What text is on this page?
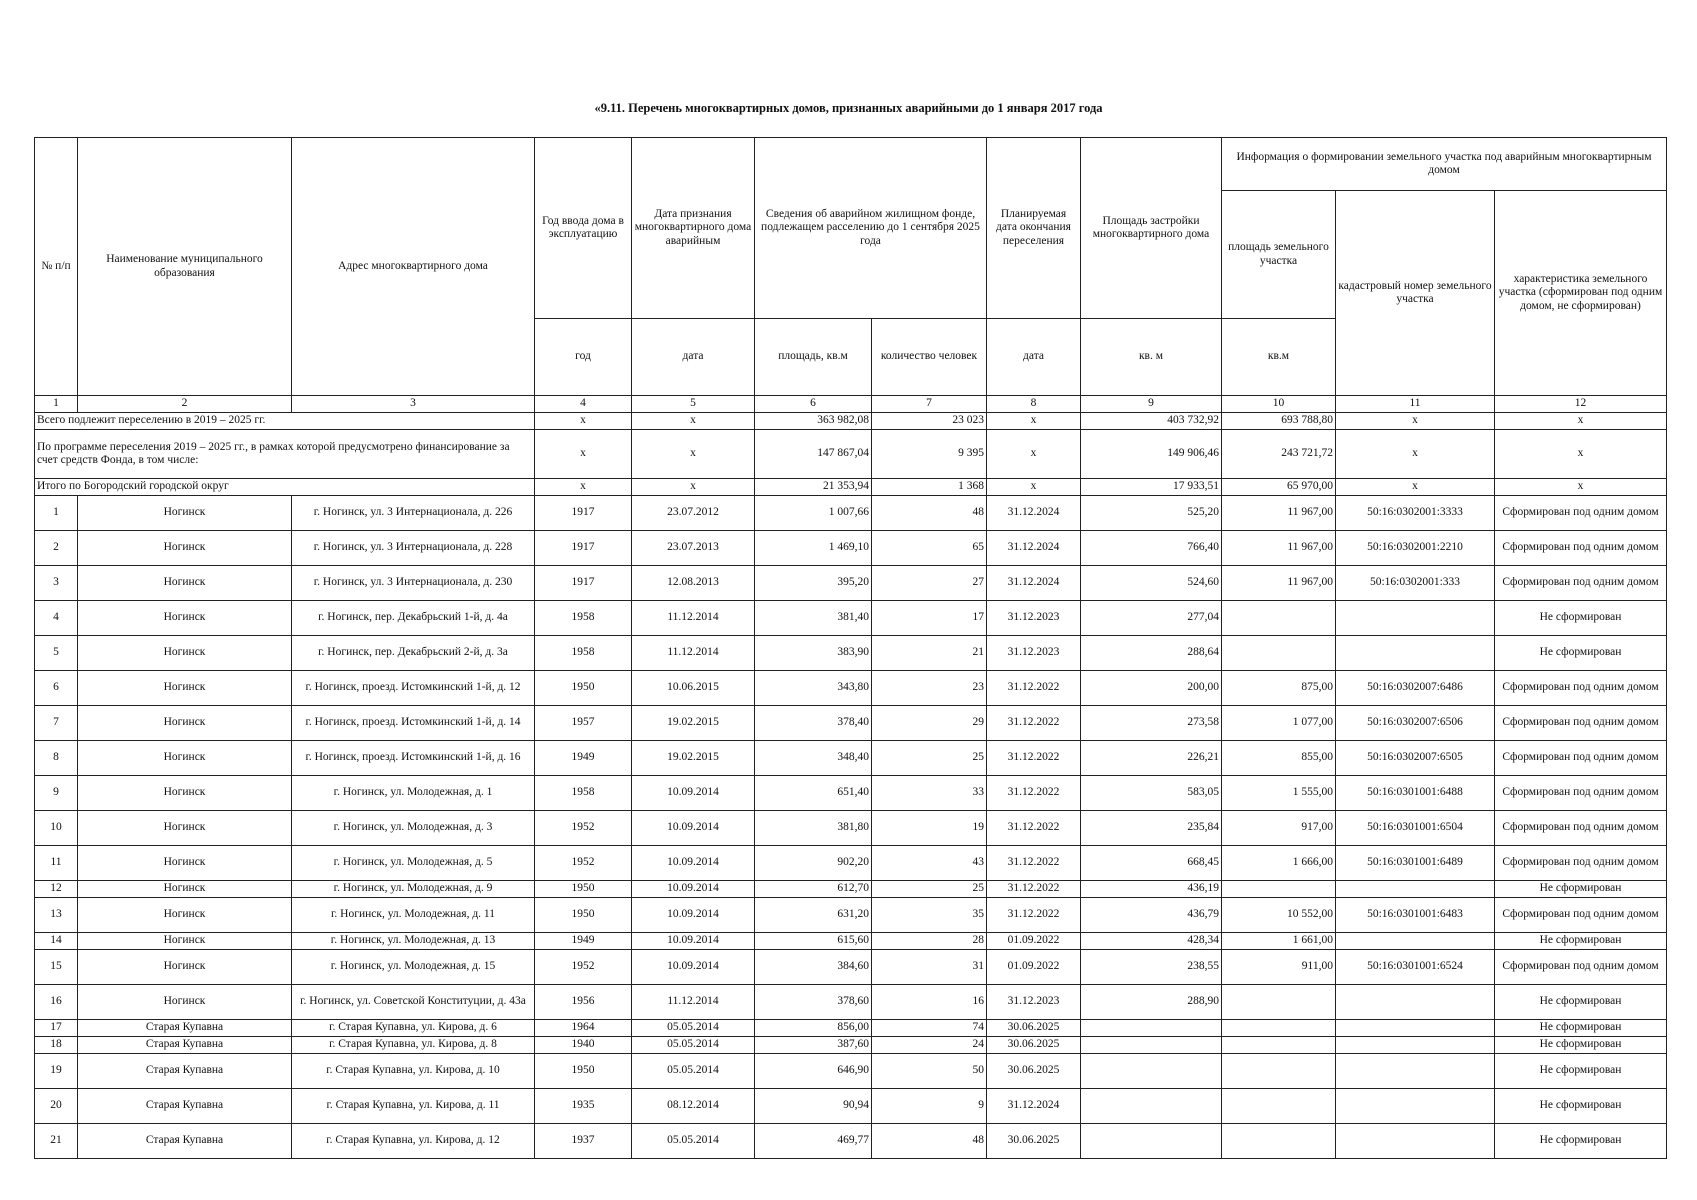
«9.11. Перечень многоквартирных домов, признанных аварийными до 1 января 2017 года
№ п/п	Наименование муниципального образования	Адрес многоквартирного дома	Год ввода дома в эксплуатацию	Дата признания многоквартирного дома аварийным	Сведения об аварийном жилищном фонде, подлежащем расселению до 1 сентября 2025 года		Планируемая дата окончания переселения	Площадь застройки многоквартирного дома	Информация о формировании земельного участка под аварийным многоквартирным домом		
									площадь земельного участка	кадастровый номер земельного участка	характеристика земельного участка (сформирован под одним домом, не сформирован)
			год	дата	площадь, кв.м	количество человек	дата	кв. м	кв.м		
1	2	3	4	5	6	7	8	9	10	11	12
Всего подлежит переселению в 2019 – 2025 гг.			x	x	363 982,08	23 023	x	403 732,92	693 788,80	x	x
По программе переселения 2019 – 2025 гг., в рамках которой предусмотрено финансирование за счет средств Фонда, в том числе:			x	x	147 867,04	9 395	x	149 906,46	243 721,72	x	x
Итого по Богородский городской округ			x	x	21 353,94	1 368	x	17 933,51	65 970,00	x	x
1	Ногинск	г. Ногинск, ул. 3 Интернационала, д. 226	1917	23.07.2012	1 007,66	48	31.12.2024	525,20	11 967,00	50:16:0302001:3333	Сформирован под одним домом
2	Ногинск	г. Ногинск, ул. 3 Интернационала, д. 228	1917	23.07.2013	1 469,10	65	31.12.2024	766,40	11 967,00	50:16:0302001:2210	Сформирован под одним домом
3	Ногинск	г. Ногинск, ул. 3 Интернационала, д. 230	1917	12.08.2013	395,20	27	31.12.2024	524,60	11 967,00	50:16:0302001:333	Сформирован под одним домом
4	Ногинск	г. Ногинск, пер. Декабрьский 1-й, д. 4а	1958	11.12.2014	381,40	17	31.12.2023	277,04			Не сформирован
5	Ногинск	г. Ногинск, пер. Декабрьский 2-й, д. 3а	1958	11.12.2014	383,90	21	31.12.2023	288,64			Не сформирован
6	Ногинск	г. Ногинск, проезд. Истомкинский 1-й, д. 12	1950	10.06.2015	343,80	23	31.12.2022	200,00	875,00	50:16:0302007:6486	Сформирован под одним домом
7	Ногинск	г. Ногинск, проезд. Истомкинский 1-й, д. 14	1957	19.02.2015	378,40	29	31.12.2022	273,58	1 077,00	50:16:0302007:6506	Сформирован под одним домом
8	Ногинск	г. Ногинск, проезд. Истомкинский 1-й, д. 16	1949	19.02.2015	348,40	25	31.12.2022	226,21	855,00	50:16:0302007:6505	Сформирован под одним домом
9	Ногинск	г. Ногинск, ул. Молодежная, д. 1	1958	10.09.2014	651,40	33	31.12.2022	583,05	1 555,00	50:16:0301001:6488	Сформирован под одним домом
10	Ногинск	г. Ногинск, ул. Молодежная, д. 3	1952	10.09.2014	381,80	19	31.12.2022	235,84	917,00	50:16:0301001:6504	Сформирован под одним домом
11	Ногинск	г. Ногинск, ул. Молодежная, д. 5	1952	10.09.2014	902,20	43	31.12.2022	668,45	1 666,00	50:16:0301001:6489	Сформирован под одним домом
12	Ногинск	г. Ногинск, ул. Молодежная, д. 9	1950	10.09.2014	612,70	25	31.12.2022	436,19			Не сформирован
13	Ногинск	г. Ногинск, ул. Молодежная, д. 11	1950	10.09.2014	631,20	35	31.12.2022	436,79	10 552,00	50:16:0301001:6483	Сформирован под одним домом
14	Ногинск	г. Ногинск, ул. Молодежная, д. 13	1949	10.09.2014	615,60	28	01.09.2022	428,34	1 661,00		Не сформирован
15	Ногинск	г. Ногинск, ул. Молодежная, д. 15	1952	10.09.2014	384,60	31	01.09.2022	238,55	911,00	50:16:0301001:6524	Сформирован под одним домом
16	Ногинск	г. Ногинск, ул. Советской Конституции, д. 43а	1956	11.12.2014	378,60	16	31.12.2023	288,90			Не сформирован
17	Старая Купавна	г. Старая Купавна, ул. Кирова, д. 6	1964	05.05.2014	856,00	74	30.06.2025				Не сформирован
18	Старая Купавна	г. Старая Купавна, ул. Кирова, д. 8	1940	05.05.2014	387,60	24	30.06.2025				Не сформирован
19	Старая Купавна	г. Старая Купавна, ул. Кирова, д. 10	1950	05.05.2014	646,90	50	30.06.2025				Не сформирован
20	Старая Купавна	г. Старая Купавна, ул. Кирова, д. 11	1935	08.12.2014	90,94	9	31.12.2024				Не сформирован
21	Старая Купавна	г. Старая Купавна, ул. Кирова, д. 12	1937	05.05.2014	469,77	48	30.06.2025				Не сформирован
